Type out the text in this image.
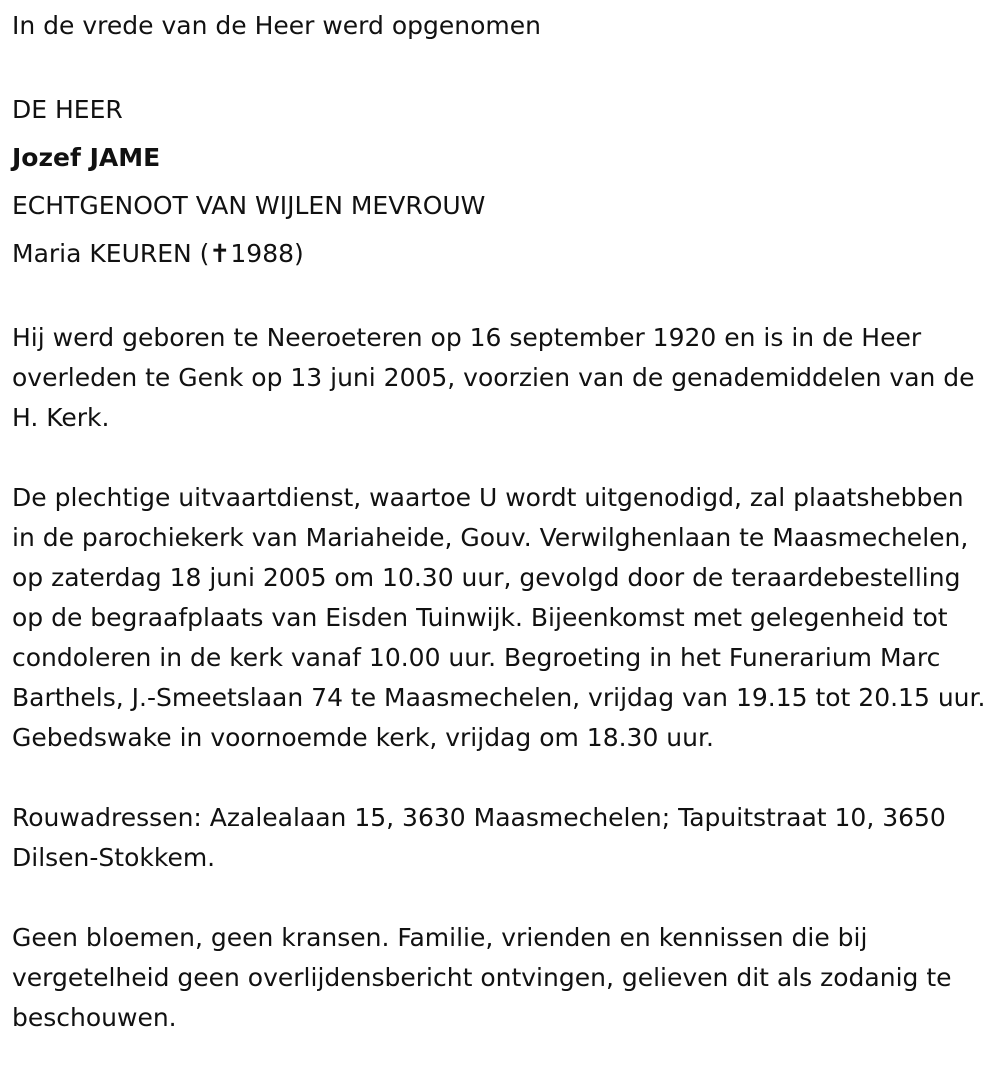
In de vrede van de Heer werd opgenomen

DE HEER

Jozef JAME

ECHTGENOOT VAN WIJLEN MEVROUW

Maria KEUREN (✝1988)

Hij werd geboren te Neeroeteren op 16 september 1920 en is in de Heer overleden te Genk op 13 juni 2005, voorzien van de genademiddelen van de H. Kerk.

De plechtige uitvaartdienst, waartoe U wordt uitgenodigd, zal plaatshebben in de parochiekerk van Mariaheide, Gouv. Verwilghenlaan te Maasmechelen, op zaterdag 18 juni 2005 om 10.30 uur, gevolgd door de teraardebestelling op de begraafplaats van Eisden Tuinwijk. Bijeenkomst met gelegenheid tot condoleren in de kerk vanaf 10.00 uur. Begroeting in het Funerarium Marc Barthels, J.-Smeetslaan 74 te Maasmechelen, vrijdag van 19.15 tot 20.15 uur. Gebedswake in voornoemde kerk, vrijdag om 18.30 uur.

Rouwadressen: Azalealaan 15, 3630 Maasmechelen; Tapuitstraat 10, 3650 Dilsen-Stokkem.

Geen bloemen, geen kransen. Familie, vrienden en kennissen die bij vergetelheid geen overlijdensbericht ontvingen, gelieven dit als zodanig te beschouwen.
